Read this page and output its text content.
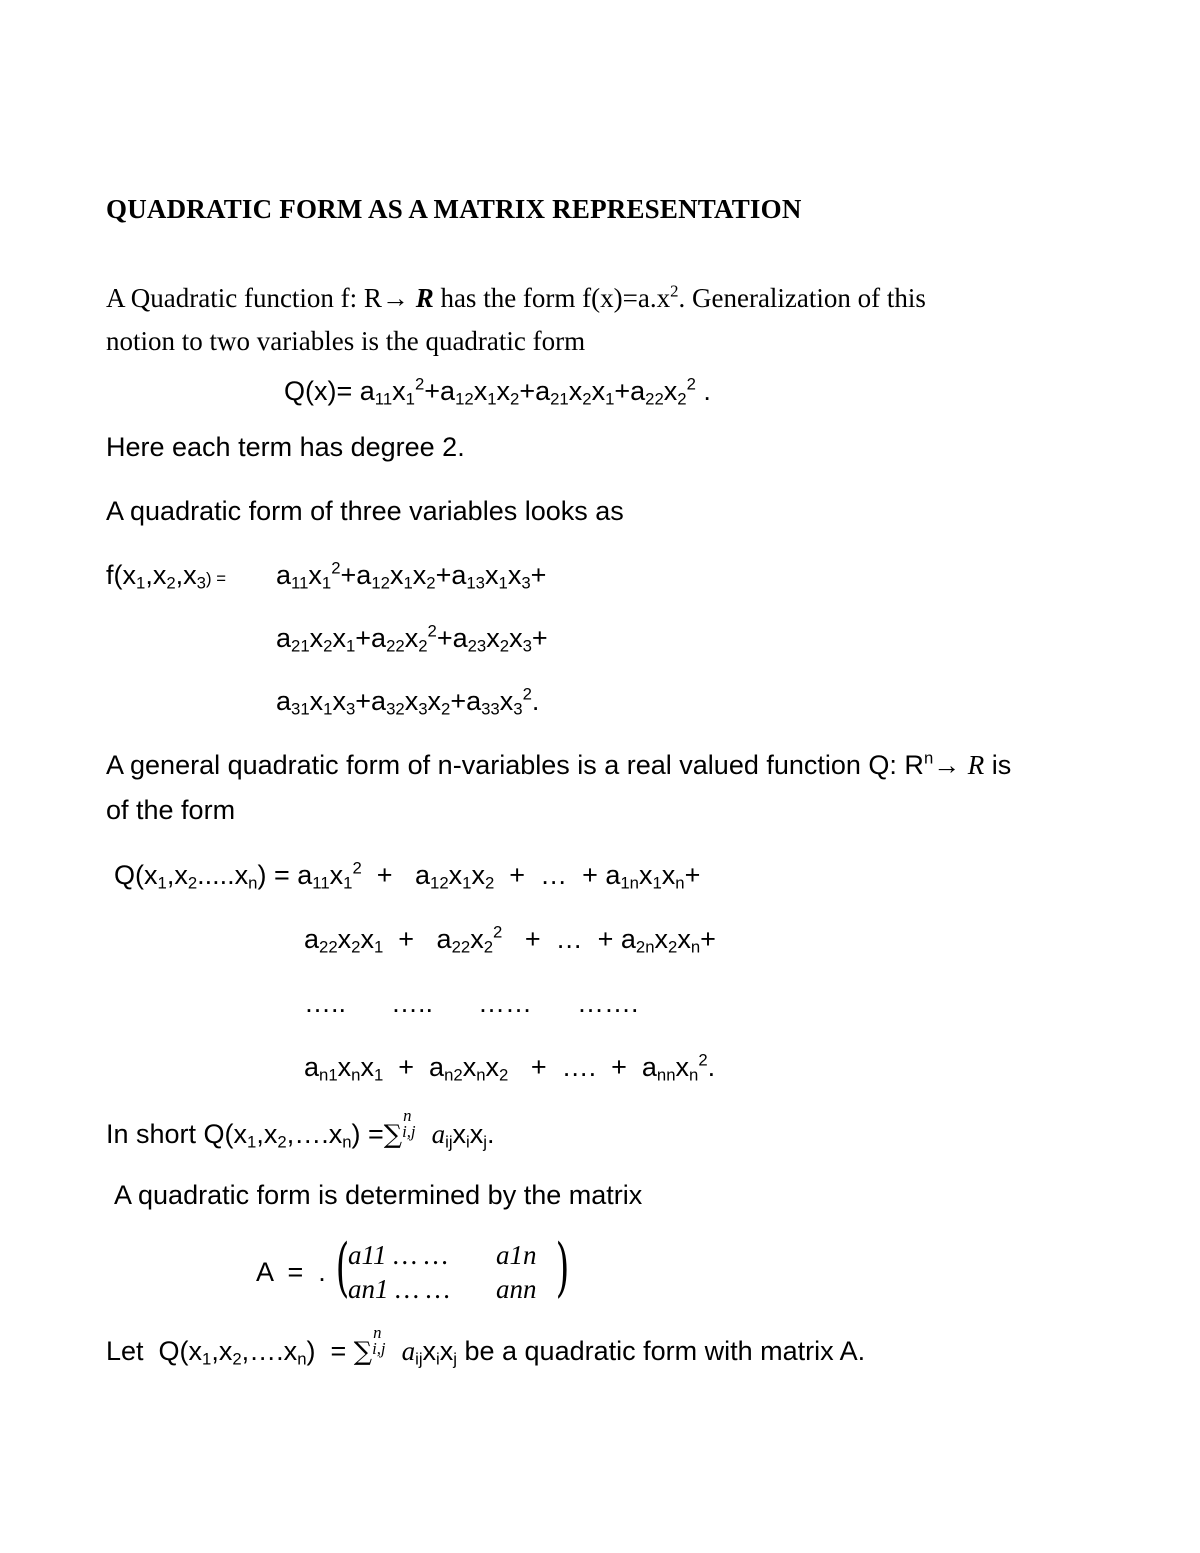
QUADRATIC FORM AS A MATRIX REPRESENTATION
A Quadratic function f: R→ R has the form $f(x)=a.x^2$. Generalization of this
notion to two variables is the quadratic form
$Q(x)= a_{11}x_1^2+a_{12}x_1x_2+a_{21}x_2x_1+a_{22}x_2^2$ .
Here each term has degree 2.
A quadratic form of three variables looks as
$f(x_1,x_2,x_3) = a_{11}x_1^2+a_{12}x_1x_2+a_{13}x_1x_3+$
$a_{21}x_2x_1+a_{22}x_2^2+a_{23}x_2x_3+$
$a_{31}x_1x_3+a_{32}x_3x_2+a_{33}x_3^2$.
A general quadratic form of n-variables is a real valued function Q: $R^n\to R$ is
of the form
$Q(x_1,x_2.....x_n) = a_{11}x_1^2 + a_{12}x_1x_2$  +  …  + $a_{1n}x_1x_n+$
$a_{22}x_2x_1 + a_{22}x_2^2$   +  …  + $a_{2n}x_2x_n+$
…..      …..      ……      …….
$a_{n1}x_nx_1 + a_{n2}x_nx_2$   +  ….  +  $a_{nn}x_n^2$.
In short $Q(x_1,x_2,\dots.x_n)$ =∑
n
i,j $a_{ij}x_ix_j$.
A quadratic form is determined by the matrix
A  =  . (
a11 … … a1n
an1 … … ann )
Let  $Q(x_1,x_2,\dots.x_n)$  = ∑
n
i,j $a_{ij}x_ix_j$ be a quadratic form with matrix A.
